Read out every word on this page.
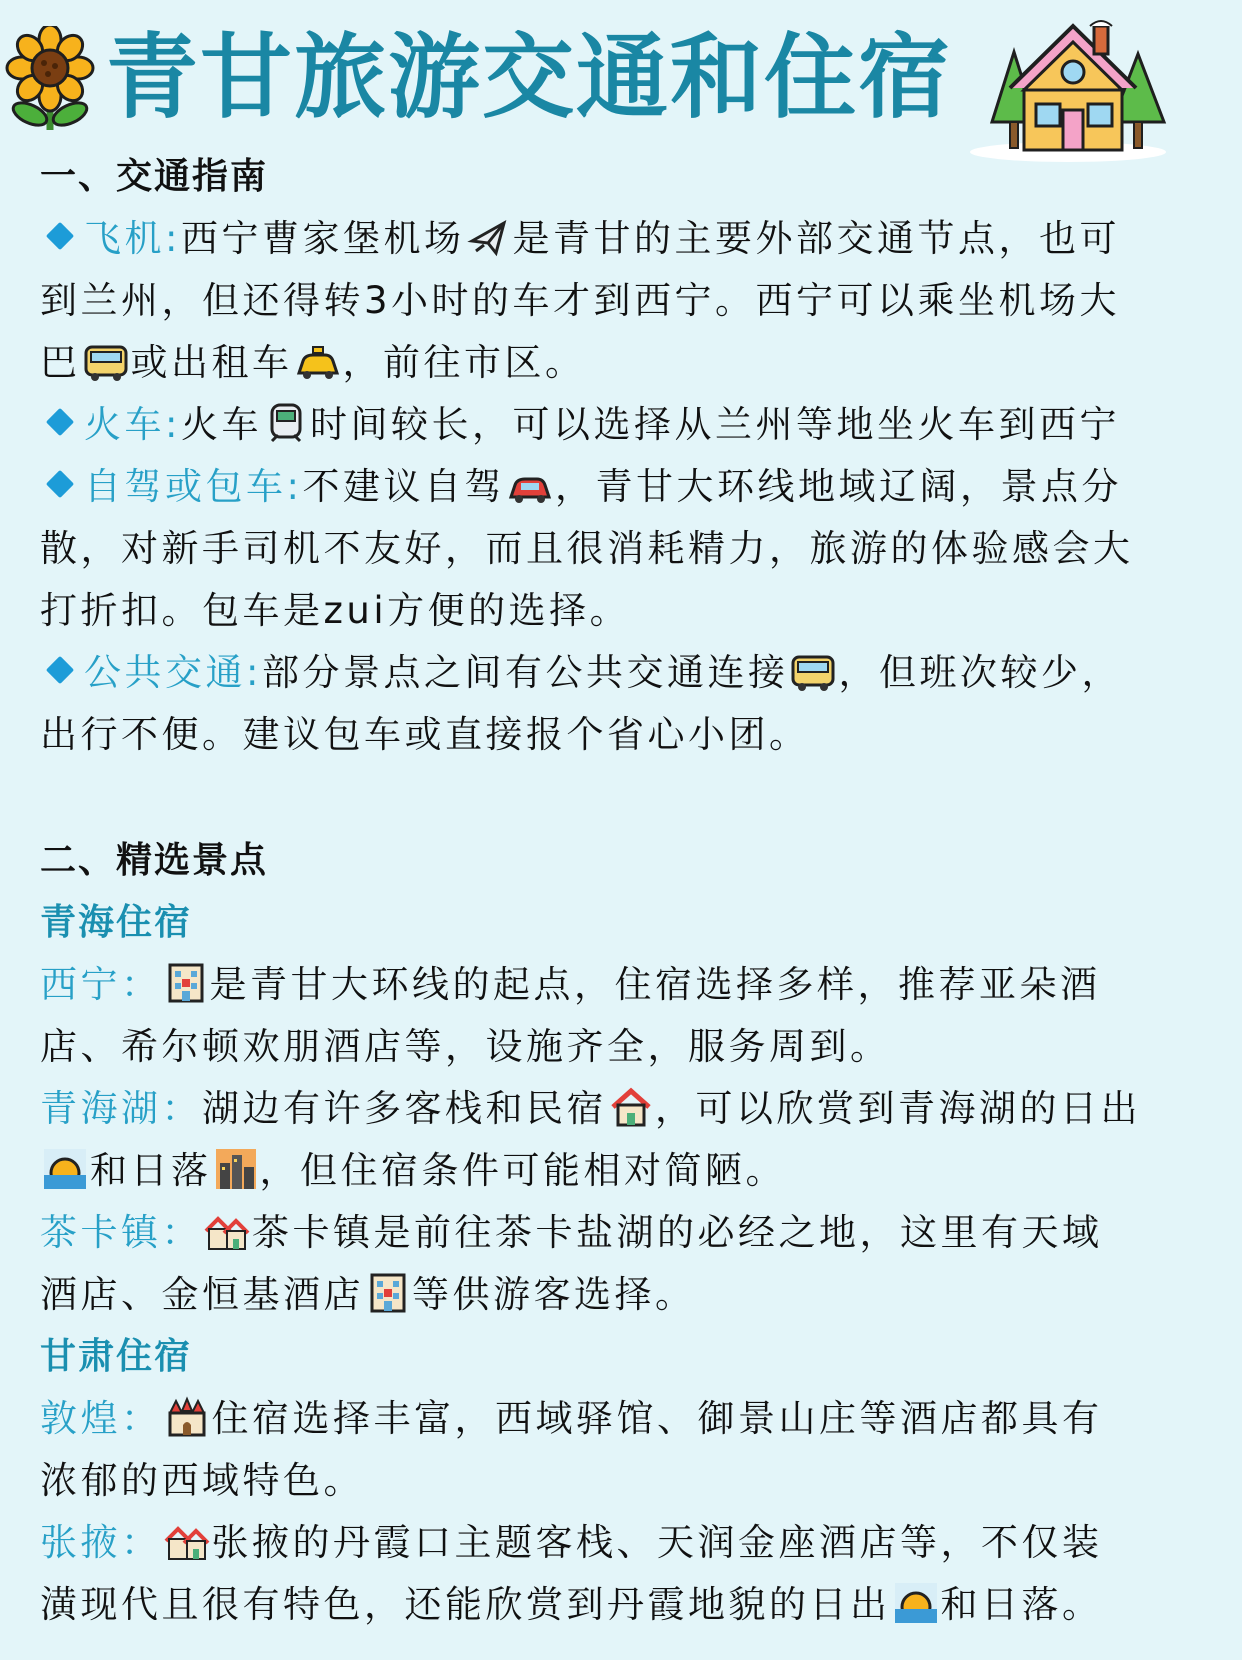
青甘旅游交通和住宿
一、交通指南
飞机:西宁曹家堡机场 是青甘的主要外部交通节点，也可
到兰州，但还得转3小时的车才到西宁。西宁可以乘坐机场大
巴 或出租车 ，前往市区。
火车:火车 时间较长，可以选择从兰州等地坐火车到西宁
自驾或包车:不建议自驾 ，青甘大环线地域辽阔，景点分
散，对新手司机不友好，而且很消耗精力，旅游的体验感会大
打折扣。包车是zui方便的选择。
公共交通:部分景点之间有公共交通连接 ，但班次较少，
出行不便。建议包车或直接报个省心小团。
二、精选景点
青海住宿
西宁： 是青甘大环线的起点，住宿选择多样，推荐亚朵酒
店、希尔顿欢朋酒店等，设施齐全，服务周到。
青海湖：湖边有许多客栈和民宿 ，可以欣赏到青海湖的日出
和日落 ，但住宿条件可能相对简陋。
茶卡镇： 茶卡镇是前往茶卡盐湖的必经之地，这里有天域
酒店、金恒基酒店 等供游客选择。
甘肃住宿
敦煌： 住宿选择丰富，西域驿馆、御景山庄等酒店都具有
浓郁的西域特色。
张掖： 张掖的丹霞口主题客栈、天润金座酒店等，不仅装
潢现代且很有特色，还能欣赏到丹霞地貌的日出 和日落。
